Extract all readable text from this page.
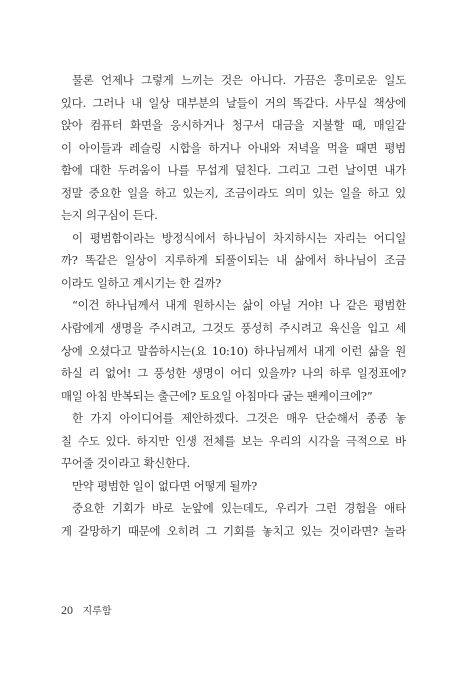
물론 언제나 그렇게 느끼는 것은 아니다. 가끔은 흥미로운 일도
있다. 그러나 내 일상 대부분의 날들이 거의 똑같다. 사무실 책상에
앉아 컴퓨터 화면을 응시하거나 청구서 대금을 지불할 때, 매일같
이 아이들과 레슬링 시합을 하거나 아내와 저녁을 먹을 때면 평범
함에 대한 두려움이 나를 무섭게 덮친다. 그리고 그런 날이면 내가
정말 중요한 일을 하고 있는지, 조금이라도 의미 있는 일을 하고 있
는지 의구심이 든다.
이 평범함이라는 방정식에서 하나님이 차지하시는 자리는 어디일
까? 똑같은 일상이 지루하게 되풀이되는 내 삶에서 하나님이 조금
이라도 일하고 계시기는 한 걸까?
“이건 하나님께서 내게 원하시는 삶이 아닐 거야! 나 같은 평범한
사람에게 생명을 주시려고, 그것도 풍성히 주시려고 육신을 입고 세
상에 오셨다고 말씀하시는(요 10:10) 하나님께서 내게 이런 삶을 원
하실 리 없어! 그 풍성한 생명이 어디 있을까? 나의 하루 일정표에?
매일 아침 반복되는 출근에? 토요일 아침마다 굽는 팬케이크에?”
한 가지 아이디어를 제안하겠다. 그것은 매우 단순해서 종종 놓
칠 수도 있다. 하지만 인생 전체를 보는 우리의 시각을 극적으로 바
꾸어줄 것이라고 확신한다.
만약 평범한 일이 없다면 어떻게 될까?
중요한 기회가 바로 눈앞에 있는데도, 우리가 그런 경험을 애타
게 갈망하기 때문에 오히려 그 기회를 놓치고 있는 것이라면? 놀라
20 지루함
